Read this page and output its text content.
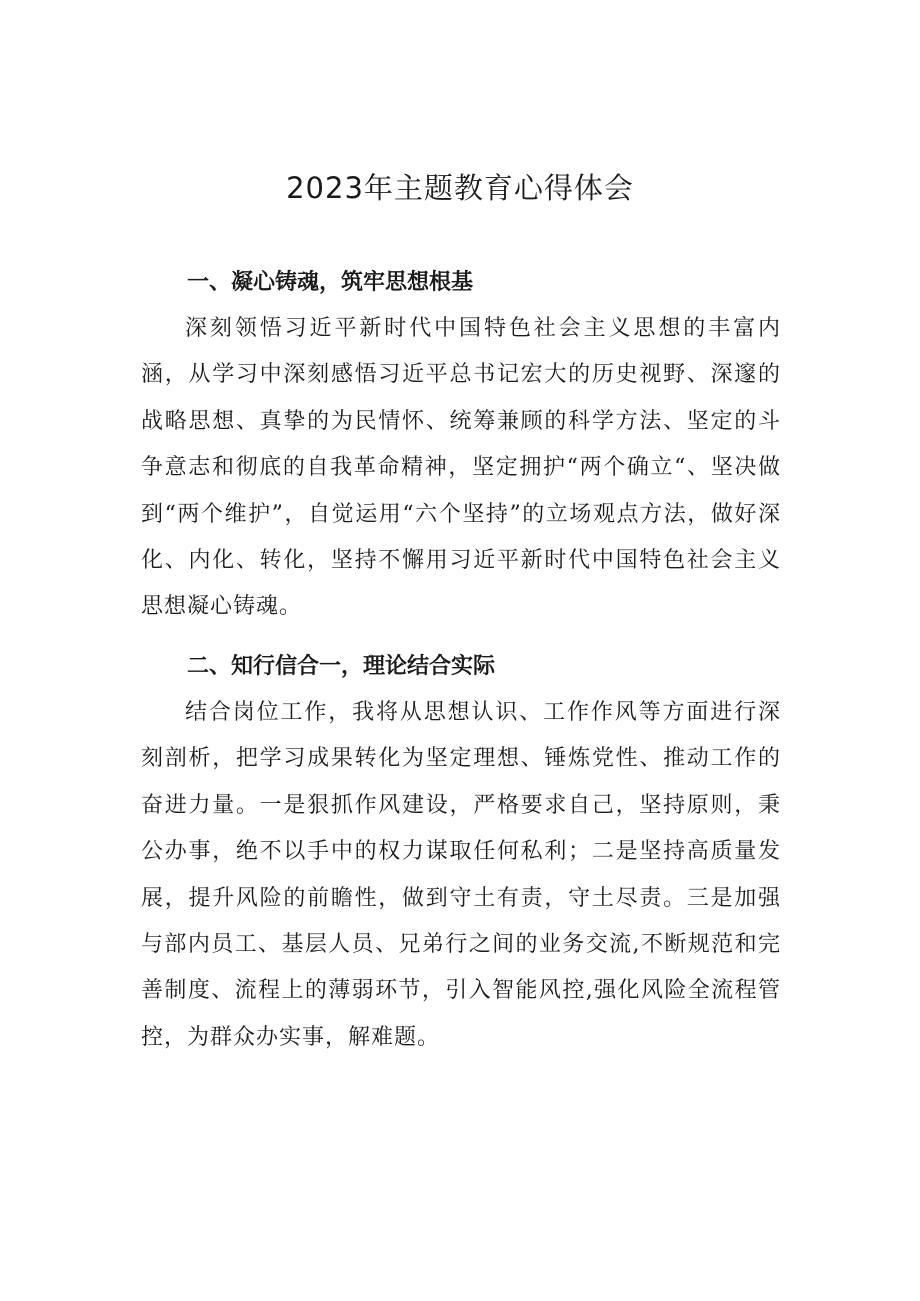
2023年主题教育心得体会
一、凝心铸魂，筑牢思想根基

深刻领悟习近平新时代中国特色社会主义思想的丰富内涵，从学习中深刻感悟习近平总书记宏大的历史视野、深邃的战略思想、真挚的为民情怀、统筹兼顾的科学方法、坚定的斗争意志和彻底的自我革命精神，坚定拥护“两个确立“、坚决做到“两个维护”，自觉运用“六个坚持”的立场观点方法，做好深化、内化、转化，坚持不懈用习近平新时代中国特色社会主义思想凝心铸魂。

二、知行信合一，理论结合实际

结合岗位工作，我将从思想认识、工作作风等方面进行深刻剖析，把学习成果转化为坚定理想、锤炼党性、推动工作的奋进力量。一是狠抓作风建设，严格要求自己，坚持原则，秉公办事，绝不以手中的权力谋取任何私利；二是坚持高质量发展，提升风险的前瞻性，做到守土有责，守土尽责。三是加强与部内员工、基层人员、兄弟行之间的业务交流,不断规范和完善制度、流程上的薄弱环节，引入智能风控,强化风险全流程管控，为群众办实事，解难题。
